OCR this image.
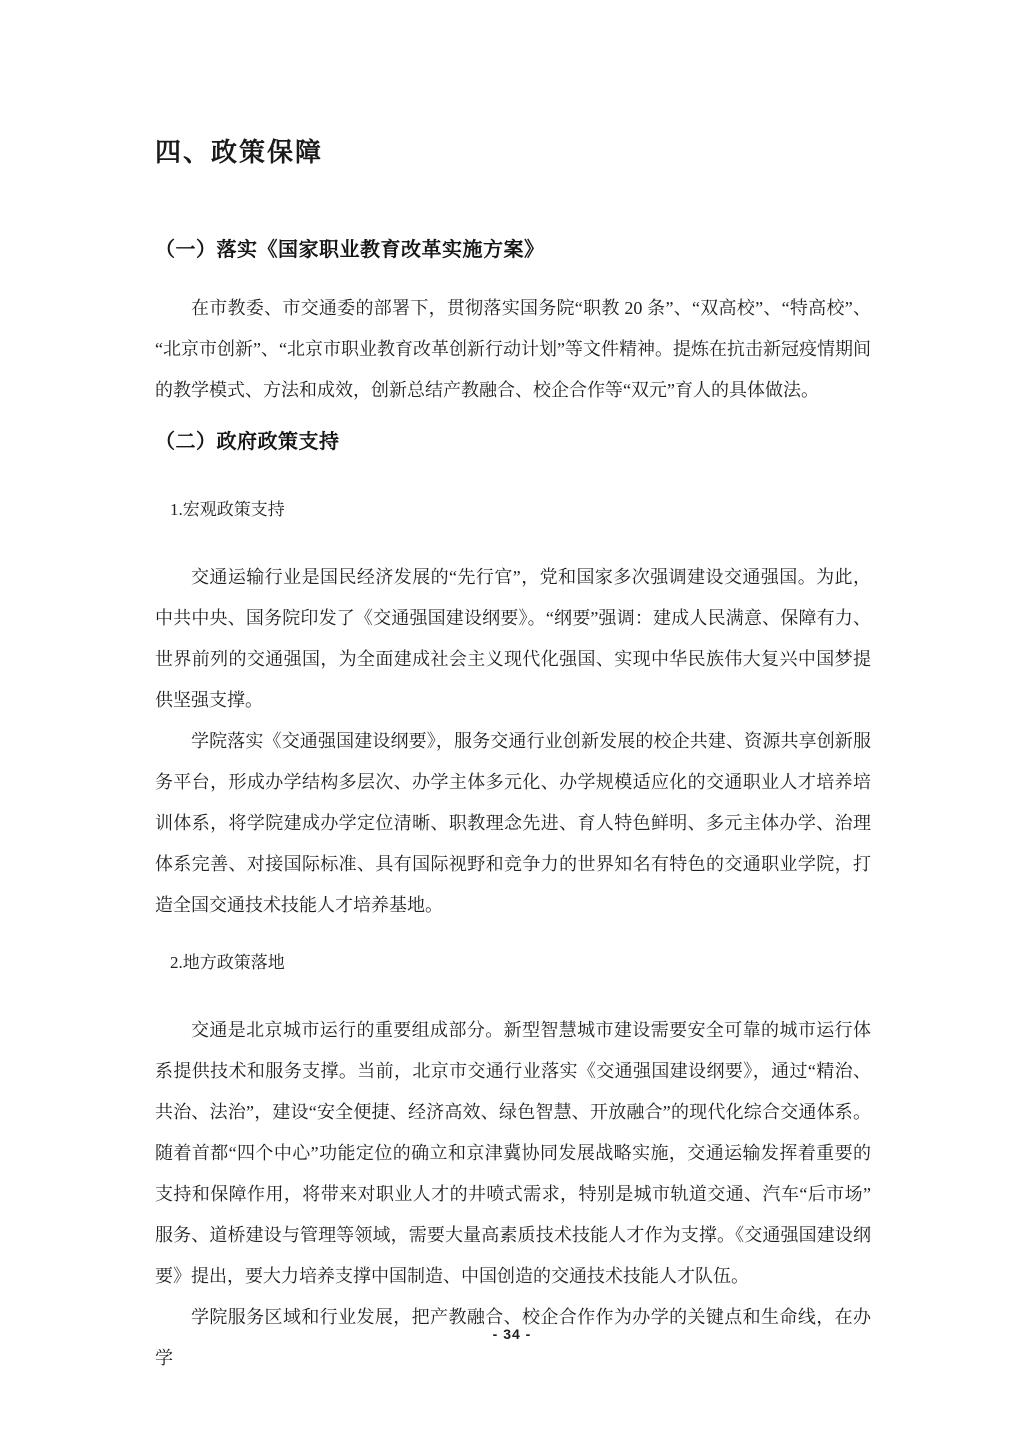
四、政策保障
（一）落实《国家职业教育改革实施方案》

在市教委、市交通委的部署下，贯彻落实国务院“职教 20 条”、“双高校”、“特高校”、“北京市创新”、“北京市职业教育改革创新行动计划”等文件精神。提炼在抗击新冠疫情期间的教学模式、方法和成效，创新总结产教融合、校企合作等“双元”育人的具体做法。

（二）政府政策支持
1.宏观政策支持

交通运输行业是国民经济发展的“先行官”，党和国家多次强调建设交通强国。为此，中共中央、国务院印发了《交通强国建设纲要》。“纲要”强调：建成人民满意、保障有力、世界前列的交通强国，为全面建成社会主义现代化强国、实现中华民族伟大复兴中国梦提供坚强支撑。

学院落实《交通强国建设纲要》，服务交通行业创新发展的校企共建、资源共享创新服务平台，形成办学结构多层次、办学主体多元化、办学规模适应化的交通职业人才培养培训体系，将学院建成办学定位清晰、职教理念先进、育人特色鲜明、多元主体办学、治理体系完善、对接国际标准、具有国际视野和竞争力的世界知名有特色的交通职业学院，打造全国交通技术技能人才培养基地。

2.地方政策落地

交通是北京城市运行的重要组成部分。新型智慧城市建设需要安全可靠的城市运行体系提供技术和服务支撑。当前，北京市交通行业落实《交通强国建设纲要》，通过“精治、共治、法治”，建设“安全便捷、经济高效、绿色智慧、开放融合”的现代化综合交通体系。随着首都“四个中心”功能定位的确立和京津冀协同发展战略实施，交通运输发挥着重要的支持和保障作用，将带来对职业人才的井喷式需求，特别是城市轨道交通、汽车“后市场”服务、道桥建设与管理等领域，需要大量高素质技术技能人才作为支撑。《交通强国建设纲要》提出，要大力培养支撑中国制造、中国创造的交通技术技能人才队伍。

学院服务区域和行业发展，把产教融合、校企合作作为办学的关键点和生命线，在办学

- 34 -
